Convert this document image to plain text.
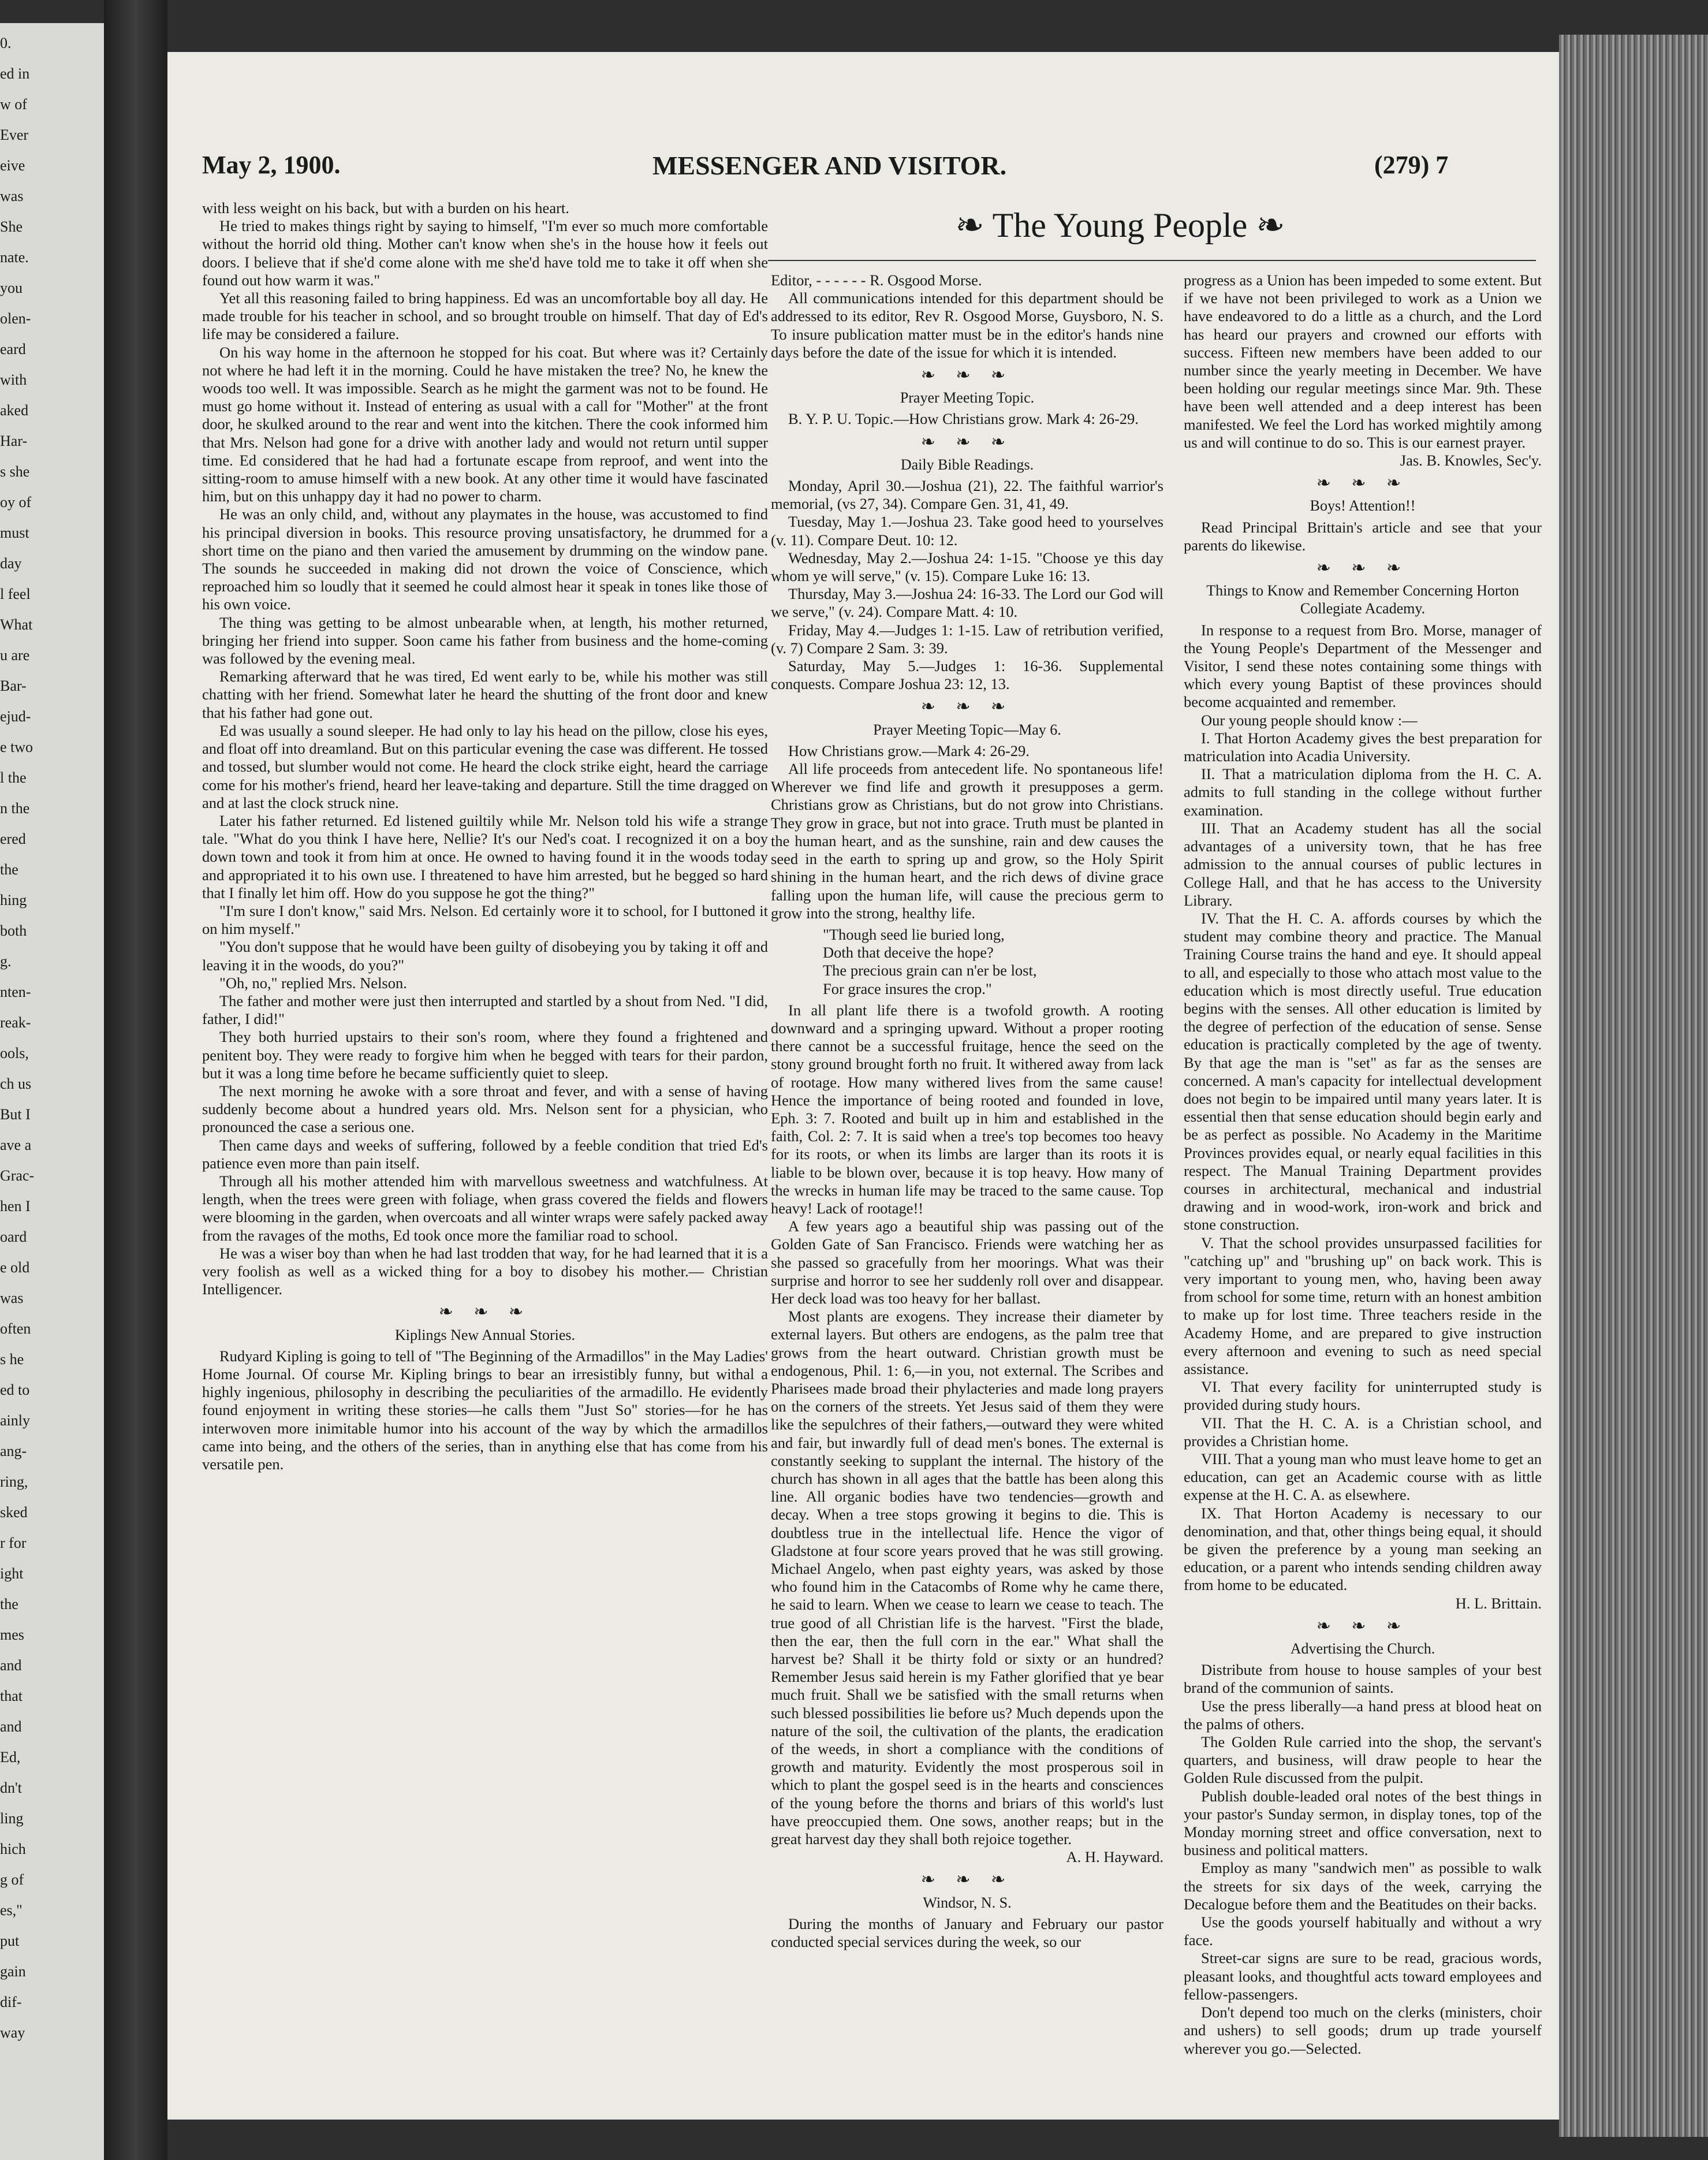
0.
ed in
w of
Ever
eive
was
She
nate.
you
olen-
eard
with
aked
Har-
s she
oy of
must
day
l feel
What
u are
Bar-
ejud-
e two
l the
n the
ered
the
hing
both
g.
nten-
reak-
ools,
ch us
But I
ave a
Grac-
hen I
oard
e old
was
often
s he
ed to
ainly
ang-
ring,
sked
r for
ight
the
mes
and
that
and
Ed,
dn't
ling
hich
g of
es,"
put
gain
dif-
way
May 2, 1900.	MESSENGER AND VISITOR.	(279) 7
❧ The Young People ❧

with less weight on his back, but with a burden on his heart.

He tried to makes things right by saying to himself, "I'm ever so much more comfortable without the horrid old thing. Mother can't know when she's in the house how it feels out doors. I believe that if she'd come alone with me she'd have told me to take it off when she found out how warm it was."

Yet all this reasoning failed to bring happiness. Ed was an uncomfortable boy all day. He made trouble for his teacher in school, and so brought trouble on himself. That day of Ed's life may be considered a failure.

On his way home in the afternoon he stopped for his coat. But where was it? Certainly not where he had left it in the morning. Could he have mistaken the tree? No, he knew the woods too well. It was impossible. Search as he might the garment was not to be found. He must go home without it. Instead of entering as usual with a call for "Mother" at the front door, he skulked around to the rear and went into the kitchen. There the cook informed him that Mrs. Nelson had gone for a drive with another lady and would not return until supper time. Ed considered that he had had a fortunate escape from reproof, and went into the sitting-room to amuse himself with a new book. At any other time it would have fascinated him, but on this unhappy day it had no power to charm.

He was an only child, and, without any playmates in the house, was accustomed to find his principal diversion in books. This resource proving unsatisfactory, he drummed for a short time on the piano and then varied the amusement by drumming on the window pane. The sounds he succeeded in making did not drown the voice of Conscience, which reproached him so loudly that it seemed he could almost hear it speak in tones like those of his own voice.

The thing was getting to be almost unbearable when, at length, his mother returned, bringing her friend into supper. Soon came his father from business and the home-coming was followed by the evening meal.

Remarking afterward that he was tired, Ed went early to be, while his mother was still chatting with her friend. Somewhat later he heard the shutting of the front door and knew that his father had gone out.

Ed was usually a sound sleeper. He had only to lay his head on the pillow, close his eyes, and float off into dreamland. But on this particular evening the case was different. He tossed and tossed, but slumber would not come. He heard the clock strike eight, heard the carriage come for his mother's friend, heard her leave-taking and departure. Still the time dragged on and at last the clock struck nine.

Later his father returned. Ed listened guiltily while Mr. Nelson told his wife a strange tale. "What do you think I have here, Nellie? It's our Ned's coat. I recognized it on a boy down town and took it from him at once. He owned to having found it in the woods today and appropriated it to his own use. I threatened to have him arrested, but he begged so hard that I finally let him off. How do you suppose he got the thing?"

"I'm sure I don't know," said Mrs. Nelson. Ed certainly wore it to school, for I buttoned it on him myself."

"You don't suppose that he would have been guilty of disobeying you by taking it off and leaving it in the woods, do you?"

"Oh, no," replied Mrs. Nelson.

The father and mother were just then interrupted and startled by a shout from Ned. "I did, father, I did!"

They both hurried upstairs to their son's room, where they found a frightened and penitent boy. They were ready to forgive him when he begged with tears for their pardon, but it was a long time before he became sufficiently quiet to sleep.

The next morning he awoke with a sore throat and fever, and with a sense of having suddenly become about a hundred years old. Mrs. Nelson sent for a physician, who pronounced the case a serious one.

Then came days and weeks of suffering, followed by a feeble condition that tried Ed's patience even more than pain itself.

Through all his mother attended him with marvellous sweetness and watchfulness. At length, when the trees were green with foliage, when grass covered the fields and flowers were blooming in the garden, when overcoats and all winter wraps were safely packed away from the ravages of the moths, Ed took once more the familiar road to school.

He was a wiser boy than when he had last trodden that way, for he had learned that it is a very foolish as well as a wicked thing for a boy to disobey his mother.— Christian Intelligencer.

❧ ❧ ❧
Kiplings New Annual Stories.

Rudyard Kipling is going to tell of "The Beginning of the Armadillos" in the May Ladies' Home Journal. Of course Mr. Kipling brings to bear an irresistibly funny, but withal a highly ingenious, philosophy in describing the peculiarities of the armadillo. He evidently found enjoyment in writing these stories—he calls them "Just So" stories—for he has interwoven more inimitable humor into his account of the way by which the armadillos came into being, and the others of the series, than in anything else that has come from his versatile pen.

Editor, - - - - - - R. Osgood Morse.

All communications intended for this department should be addressed to its editor, Rev R. Osgood Morse, Guysboro, N. S. To insure publication matter must be in the editor's hands nine days before the date of the issue for which it is intended.

❧ ❧ ❧
Prayer Meeting Topic.

B. Y. P. U. Topic.—How Christians grow. Mark 4: 26-29.

❧ ❧ ❧
Daily Bible Readings.

Monday, April 30.—Joshua (21), 22. The faithful warrior's memorial, (vs 27, 34). Compare Gen. 31, 41, 49.

Tuesday, May 1.—Joshua 23. Take good heed to yourselves (v. 11). Compare Deut. 10: 12.

Wednesday, May 2.—Joshua 24: 1-15. "Choose ye this day whom ye will serve," (v. 15). Compare Luke 16: 13.

Thursday, May 3.—Joshua 24: 16-33. The Lord our God will we serve," (v. 24). Compare Matt. 4: 10.

Friday, May 4.—Judges 1: 1-15. Law of retribution verified, (v. 7) Compare 2 Sam. 3: 39.

Saturday, May 5.—Judges 1: 16-36. Supplemental conquests. Compare Joshua 23: 12, 13.

❧ ❧ ❧
Prayer Meeting Topic—May 6.

How Christians grow.—Mark 4: 26-29.

All life proceeds from antecedent life. No spontaneous life! Wherever we find life and growth it presupposes a germ. Christians grow as Christians, but do not grow into Christians. They grow in grace, but not into grace. Truth must be planted in the human heart, and as the sunshine, rain and dew causes the seed in the earth to spring up and grow, so the Holy Spirit shining in the human heart, and the rich dews of divine grace falling upon the human life, will cause the precious germ to grow into the strong, healthy life.

"Though seed lie buried long,
Doth that deceive the hope?
The precious grain can n'er be lost,
For grace insures the crop."

In all plant life there is a twofold growth. A rooting downward and a springing upward. Without a proper rooting there cannot be a successful fruitage, hence the seed on the stony ground brought forth no fruit. It withered away from lack of rootage. How many withered lives from the same cause! Hence the importance of being rooted and founded in love, Eph. 3: 7. Rooted and built up in him and established in the faith, Col. 2: 7. It is said when a tree's top becomes too heavy for its roots, or when its limbs are larger than its roots it is liable to be blown over, because it is top heavy. How many of the wrecks in human life may be traced to the same cause. Top heavy! Lack of rootage!!

A few years ago a beautiful ship was passing out of the Golden Gate of San Francisco. Friends were watching her as she passed so gracefully from her moorings. What was their surprise and horror to see her suddenly roll over and disappear. Her deck load was too heavy for her ballast.

Most plants are exogens. They increase their diameter by external layers. But others are endogens, as the palm tree that grows from the heart outward. Christian growth must be endogenous, Phil. 1: 6,—in you, not external. The Scribes and Pharisees made broad their phylacteries and made long prayers on the corners of the streets. Yet Jesus said of them they were like the sepulchres of their fathers,—outward they were whited and fair, but inwardly full of dead men's bones. The external is constantly seeking to supplant the internal. The history of the church has shown in all ages that the battle has been along this line. All organic bodies have two tendencies—growth and decay. When a tree stops growing it begins to die. This is doubtless true in the intellectual life. Hence the vigor of Gladstone at four score years proved that he was still growing. Michael Angelo, when past eighty years, was asked by those who found him in the Catacombs of Rome why he came there, he said to learn. When we cease to learn we cease to teach. The true good of all Christian life is the harvest. "First the blade, then the ear, then the full corn in the ear." What shall the harvest be? Shall it be thirty fold or sixty or an hundred? Remember Jesus said herein is my Father glorified that ye bear much fruit. Shall we be satisfied with the small returns when such blessed possibilities lie before us? Much depends upon the nature of the soil, the cultivation of the plants, the eradication of the weeds, in short a compliance with the conditions of growth and maturity. Evidently the most prosperous soil in which to plant the gospel seed is in the hearts and consciences of the young before the thorns and briars of this world's lust have preoccupied them. One sows, another reaps; but in the great harvest day they shall both rejoice together.

A. H. Hayward.
❧ ❧ ❧
Windsor, N. S.

During the months of January and February our pastor conducted special services during the week, so our

progress as a Union has been impeded to some extent. But if we have not been privileged to work as a Union we have endeavored to do a little as a church, and the Lord has heard our prayers and crowned our efforts with success. Fifteen new members have been added to our number since the yearly meeting in December. We have been holding our regular meetings since Mar. 9th. These have been well attended and a deep interest has been manifested. We feel the Lord has worked mightily among us and will continue to do so. This is our earnest prayer.

Jas. B. Knowles, Sec'y.
❧ ❧ ❧
Boys! Attention!!

Read Principal Brittain's article and see that your parents do likewise.

❧ ❧ ❧
Things to Know and Remember Concerning Horton Collegiate Academy.

In response to a request from Bro. Morse, manager of the Young People's Department of the Messenger and Visitor, I send these notes containing some things with which every young Baptist of these provinces should become acquainted and remember.

Our young people should know :—

I. That Horton Academy gives the best preparation for matriculation into Acadia University.

II. That a matriculation diploma from the H. C. A. admits to full standing in the college without further examination.

III. That an Academy student has all the social advantages of a university town, that he has free admission to the annual courses of public lectures in College Hall, and that he has access to the University Library.

IV. That the H. C. A. affords courses by which the student may combine theory and practice. The Manual Training Course trains the hand and eye. It should appeal to all, and especially to those who attach most value to the education which is most directly useful. True education begins with the senses. All other education is limited by the degree of perfection of the education of sense. Sense education is practically completed by the age of twenty. By that age the man is "set" as far as the senses are concerned. A man's capacity for intellectual development does not begin to be impaired until many years later. It is essential then that sense education should begin early and be as perfect as possible. No Academy in the Maritime Provinces provides equal, or nearly equal facilities in this respect. The Manual Training Department provides courses in architectural, mechanical and industrial drawing and in wood-work, iron-work and brick and stone construction.

V. That the school provides unsurpassed facilities for "catching up" and "brushing up" on back work. This is very important to young men, who, having been away from school for some time, return with an honest ambition to make up for lost time. Three teachers reside in the Academy Home, and are prepared to give instruction every afternoon and evening to such as need special assistance.

VI. That every facility for uninterrupted study is provided during study hours.

VII. That the H. C. A. is a Christian school, and provides a Christian home.

VIII. That a young man who must leave home to get an education, can get an Academic course with as little expense at the H. C. A. as elsewhere.

IX. That Horton Academy is necessary to our denomination, and that, other things being equal, it should be given the preference by a young man seeking an education, or a parent who intends sending children away from home to be educated.

H. L. Brittain.
❧ ❧ ❧
Advertising the Church.

Distribute from house to house samples of your best brand of the communion of saints.

Use the press liberally—a hand press at blood heat on the palms of others.

The Golden Rule carried into the shop, the servant's quarters, and business, will draw people to hear the Golden Rule discussed from the pulpit.

Publish double-leaded oral notes of the best things in your pastor's Sunday sermon, in display tones, top of the Monday morning street and office conversation, next to business and political matters.

Employ as many "sandwich men" as possible to walk the streets for six days of the week, carrying the Decalogue before them and the Beatitudes on their backs.

Use the goods yourself habitually and without a wry face.

Street-car signs are sure to be read, gracious words, pleasant looks, and thoughtful acts toward employees and fellow-passengers.

Don't depend too much on the clerks (ministers, choir and ushers) to sell goods; drum up trade yourself wherever you go.—Selected.
